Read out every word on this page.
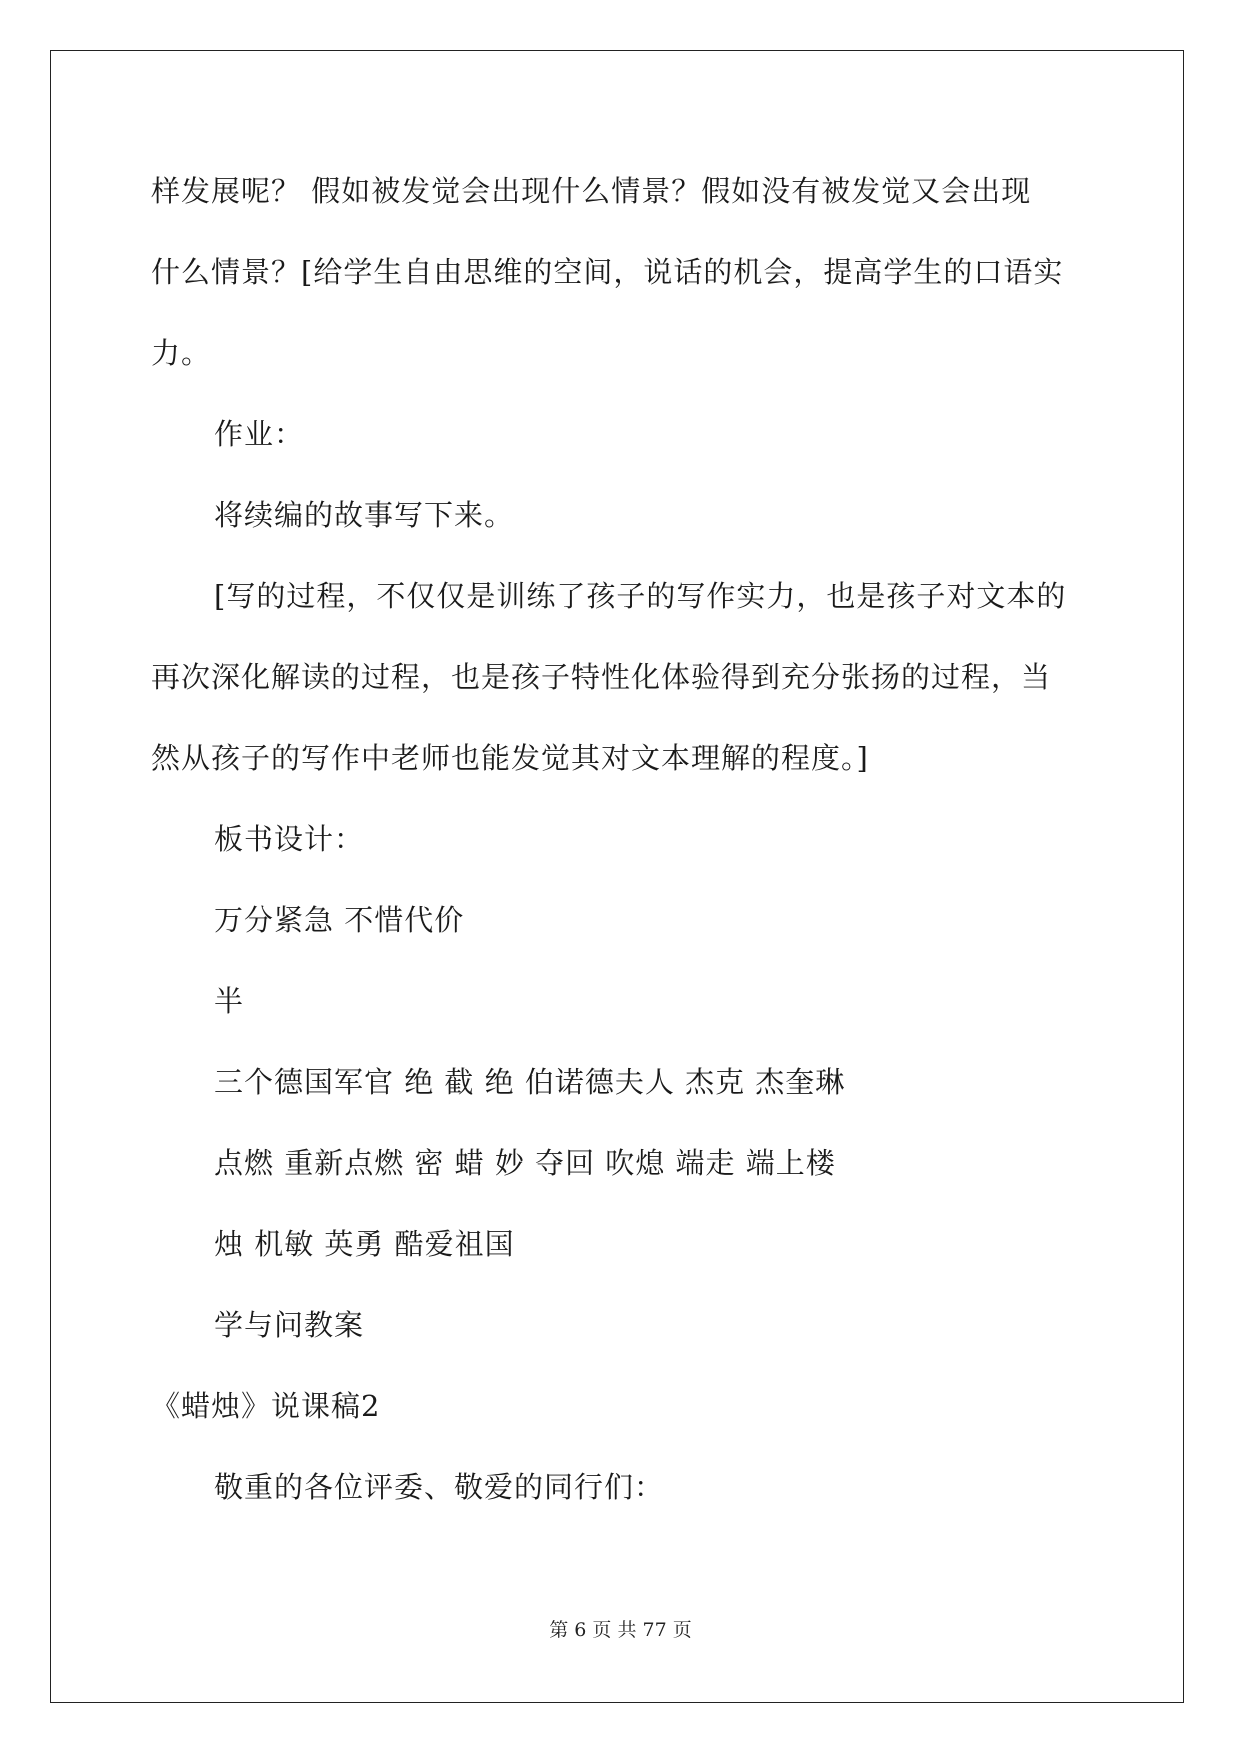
样发展呢？ 假如被发觉会出现什么情景？假如没有被发觉又会出现
什么情景？[给学生自由思维的空间，说话的机会，提高学生的口语实
力。
作业：
将续编的故事写下来。
[写的过程，不仅仅是训练了孩子的写作实力，也是孩子对文本的
再次深化解读的过程，也是孩子特性化体验得到充分张扬的过程，当
然从孩子的写作中老师也能发觉其对文本理解的程度。]
板书设计：
万分紧急 不惜代价
半
三个德国军官 绝 截 绝 伯诺德夫人 杰克 杰奎琳
点燃 重新点燃 密 蜡 妙 夺回 吹熄 端走 端上楼
烛 机敏 英勇 酷爱祖国
学与问教案
《蜡烛》说课稿2
敬重的各位评委、敬爱的同行们：
第 6 页 共 77 页
